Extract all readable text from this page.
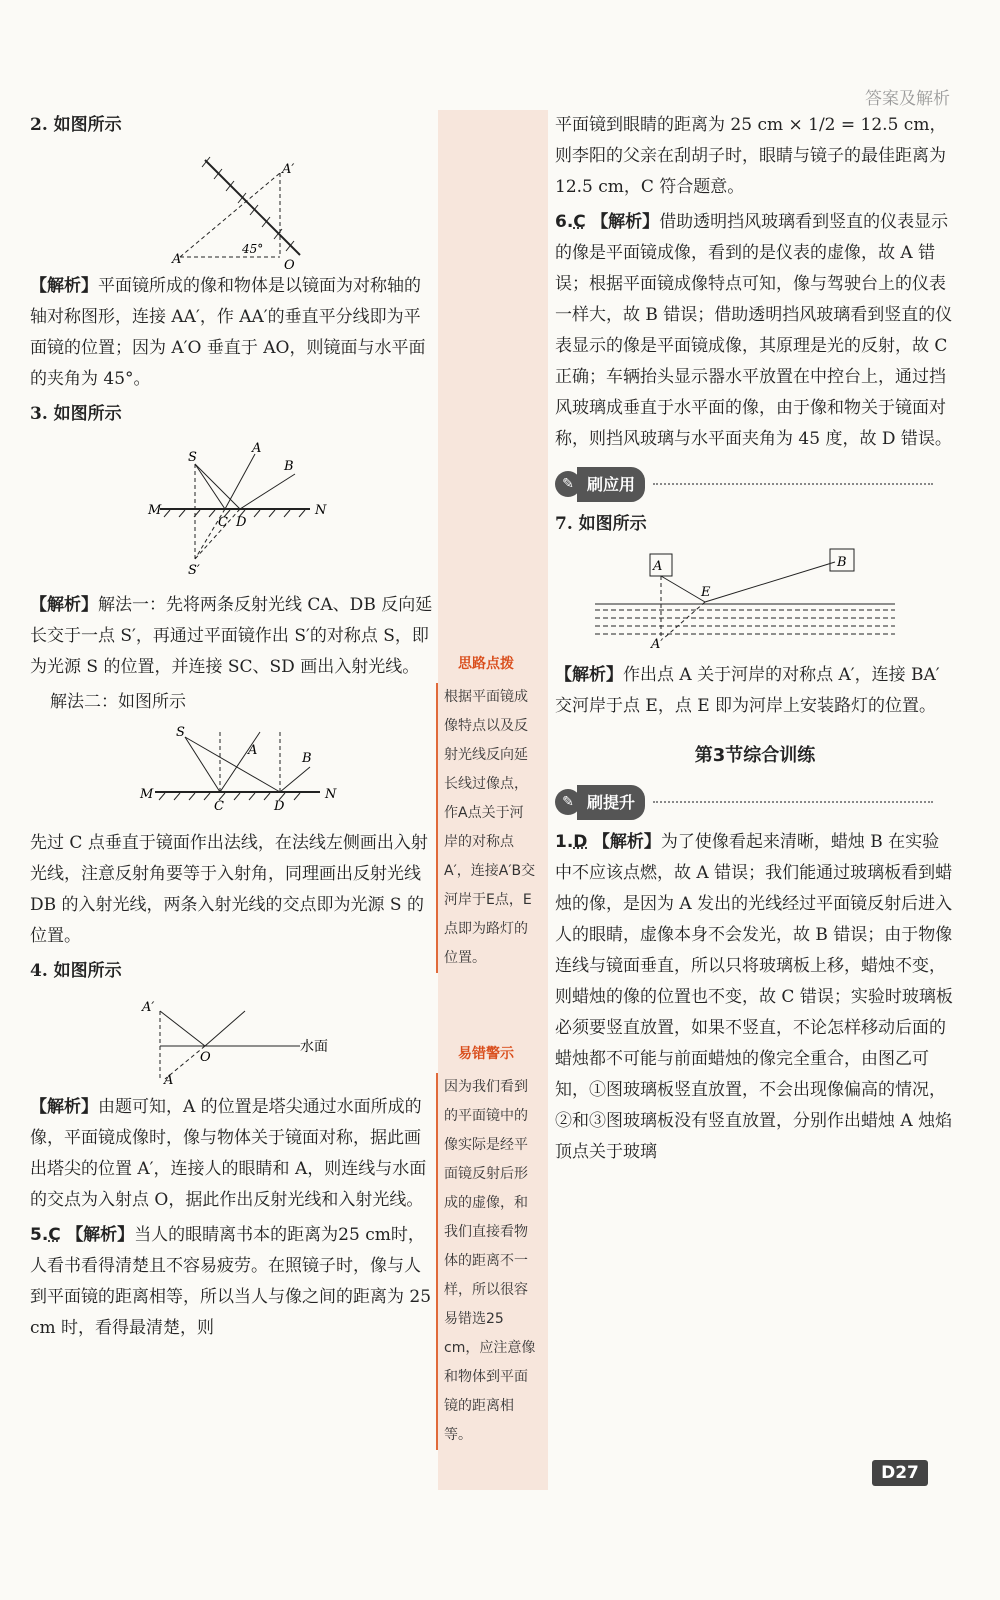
答案及解析
2. 如图所示
A′
A	O
45°
【解析】平面镜所成的像和物体是以镜面为对称轴的轴对称图形，连接 AA′，作 AA′的垂直平分线即为平面镜的位置；因为 A′O 垂直于 AO，则镜面与水平面的夹角为 45°。
3. 如图所示
S
A
B
M	N
C D
S′
【解析】解法一：先将两条反射光线 CA、DB 反向延长交于一点 S′，再通过平面镜作出 S′的对称点 S，即为光源 S 的位置，并连接 SC、SD 画出入射光线。
解法二：如图所示
S
A
B
M	N
C	D
先过 C 点垂直于镜面作出法线，在法线左侧画出入射光线，注意反射角要等于入射角，同理画出反射光线 DB 的入射光线，两条入射光线的交点即为光源 S 的位置。
4. 如图所示
A′
O
A
水面
【解析】由题可知，A 的位置是塔尖通过水面所成的像，平面镜成像时，像与物体关于镜面对称，据此画出塔尖的位置 A′，连接人的眼睛和 A，则连线与水面的交点为入射点 O，据此作出反射光线和入射光线。
5.C 【解析】当人的眼睛离书本的距离为25 cm时，人看书看得清楚且不容易疲劳。在照镜子时，像与人到平面镜的距离相等，所以当人与像之间的距离为 25 cm 时，看得最清楚，则
思路点拨
根据平面镜成像特点以及反射光线反向延长线过像点，作A点关于河岸的对称点A′，连接A′B交河岸于E点，E点即为路灯的位置。
易错警示
因为我们看到的平面镜中的像实际是经平面镜反射后形成的虚像，和我们直接看物体的距离不一样，所以很容易错选25 cm，应注意像和物体到平面镜的距离相等。
平面镜到眼睛的距离为 25 cm × 1/2 = 12.5 cm，则李阳的父亲在刮胡子时，眼睛与镜子的最佳距离为 12.5 cm，C 符合题意。
6.C 【解析】借助透明挡风玻璃看到竖直的仪表显示的像是平面镜成像，看到的是仪表的虚像，故 A 错误；根据平面镜成像特点可知，像与驾驶台上的仪表一样大，故 B 错误；借助透明挡风玻璃看到竖直的仪表显示的像是平面镜成像，其原理是光的反射，故 C 正确；车辆抬头显示器水平放置在中控台上，通过挡风玻璃成垂直于水平面的像，由于像和物关于镜面对称，则挡风玻璃与水平面夹角为 45 度，故 D 错误。
✎ 刷应用
7. 如图所示
A	B
E
A′
【解析】作出点 A 关于河岸的对称点 A′，连接 BA′交河岸于点 E，点 E 即为河岸上安装路灯的位置。
第3节综合训练
✎ 刷提升
1.D 【解析】为了使像看起来清晰，蜡烛 B 在实验中不应该点燃，故 A 错误；我们能通过玻璃板看到蜡烛的像，是因为 A 发出的光线经过平面镜反射后进入人的眼睛，虚像本身不会发光，故 B 错误；由于物像连线与镜面垂直，所以只将玻璃板上移，蜡烛不变，则蜡烛的像的位置也不变，故 C 错误；实验时玻璃板必须要竖直放置，如果不竖直，不论怎样移动后面的蜡烛都不可能与前面蜡烛的像完全重合，由图乙可知，①图玻璃板竖直放置，不会出现像偏高的情况，②和③图玻璃板没有竖直放置，分别作出蜡烛 A 烛焰顶点关于玻璃
D27
